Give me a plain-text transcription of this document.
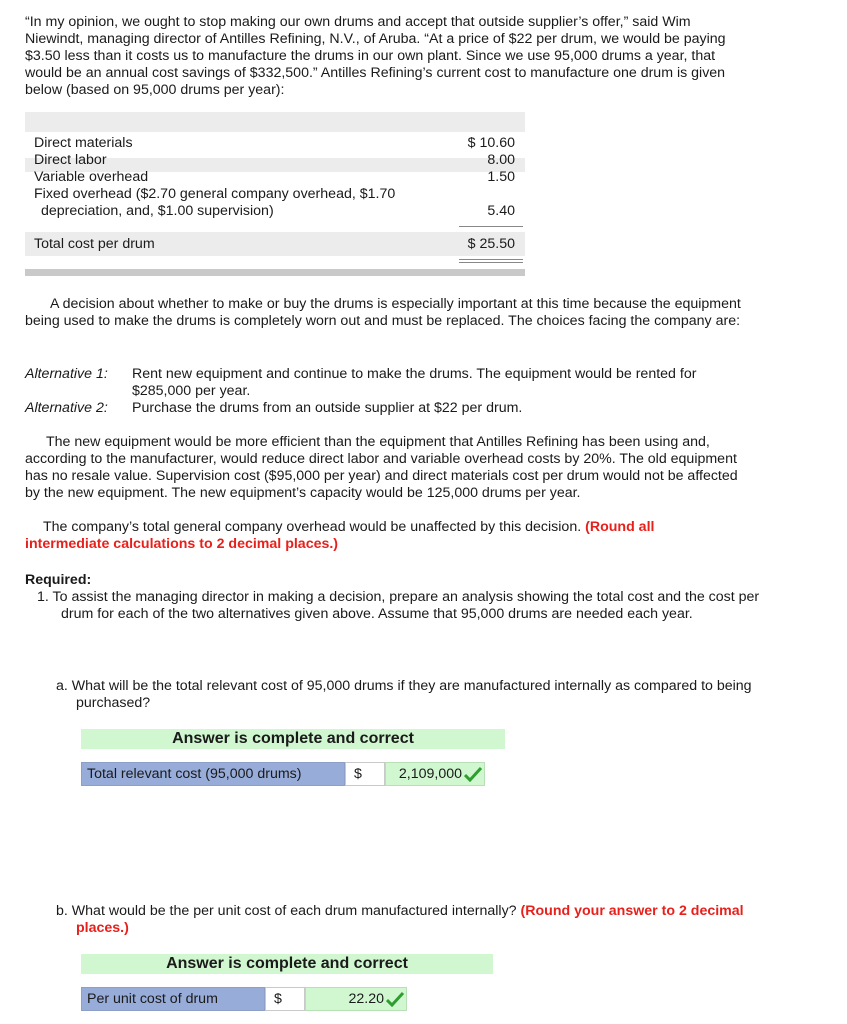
“In my opinion, we ought to stop making our own drums and accept that outside supplier’s offer,” said Wim Niewindt, managing director of Antilles Refining, N.V., of Aruba. “At a price of $22 per drum, we would be paying $3.50 less than it costs us to manufacture the drums in our own plant. Since we use 95,000 drums a year, that would be an annual cost savings of $332,500.” Antilles Refining’s current cost to manufacture one drum is given below (based on 95,000 drums per year):

Direct materials	$ 10.60
Direct labor	8.00
Variable overhead	1.50
Fixed overhead ($2.70 general company overhead, $1.70
depreciation, and, $1.00 supervision)	5.40
Total cost per drum	$ 25.50

A decision about whether to make or buy the drums is especially important at this time because the equipment being used to make the drums is completely worn out and must be replaced. The choices facing the company are:

Alternative 1: Rent new equipment and continue to make the drums. The equipment would be rented for $285,000 per year.
Alternative 2: Purchase the drums from an outside supplier at $22 per drum.

The new equipment would be more efficient than the equipment that Antilles Refining has been using and, according to the manufacturer, would reduce direct labor and variable overhead costs by 20%. The old equipment has no resale value. Supervision cost ($95,000 per year) and direct materials cost per drum would not be affected by the new equipment. The new equipment’s capacity would be 125,000 drums per year.

The company’s total general company overhead would be unaffected by this decision. (Round all intermediate calculations to 2 decimal places.)

Required:
1. To assist the managing director in making a decision, prepare an analysis showing the total cost and the cost per drum for each of the two alternatives given above. Assume that 95,000 drums are needed each year.
a. What will be the total relevant cost of 95,000 drums if they are manufactured internally as compared to being purchased?
Answer is complete and correct
Total relevant cost (95,000 drums)	$	2,109,000
b. What would be the per unit cost of each drum manufactured internally? (Round your answer to 2 decimal places.)
Answer is complete and correct
Per unit cost of drum	$	22.20
